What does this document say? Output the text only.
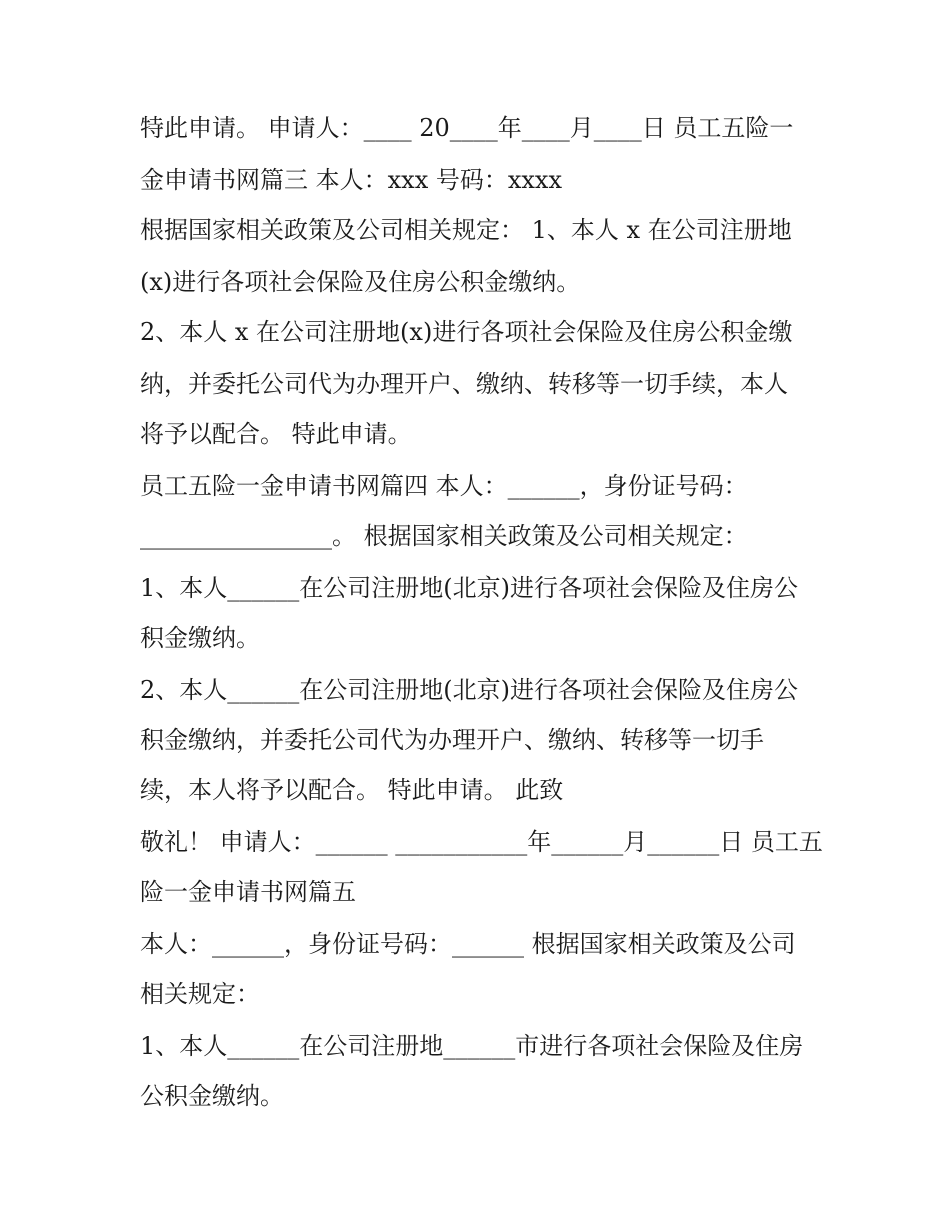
特此申请。 申请人：____ 20____年____月____日 员工五险一

金申请书网篇三 本人：xxx 号码：xxxx

根据国家相关政策及公司相关规定： 1、本人 x 在公司注册地

(x)进行各项社会保险及住房公积金缴纳。

2、本人 x 在公司注册地(x)进行各项社会保险及住房公积金缴

纳，并委托公司代为办理开户、缴纳、转移等一切手续，本人

将予以配合。 特此申请。

员工五险一金申请书网篇四 本人：______，身份证号码：

________________。 根据国家相关政策及公司相关规定：

1、本人______在公司注册地(北京)进行各项社会保险及住房公

积金缴纳。

2、本人______在公司注册地(北京)进行各项社会保险及住房公

积金缴纳，并委托公司代为办理开户、缴纳、转移等一切手

续，本人将予以配合。 特此申请。 此致

敬礼！ 申请人：______ ___________年______月______日 员工五

险一金申请书网篇五

本人：______，身份证号码：______ 根据国家相关政策及公司

相关规定：

1、本人______在公司注册地______市进行各项社会保险及住房

公积金缴纳。
